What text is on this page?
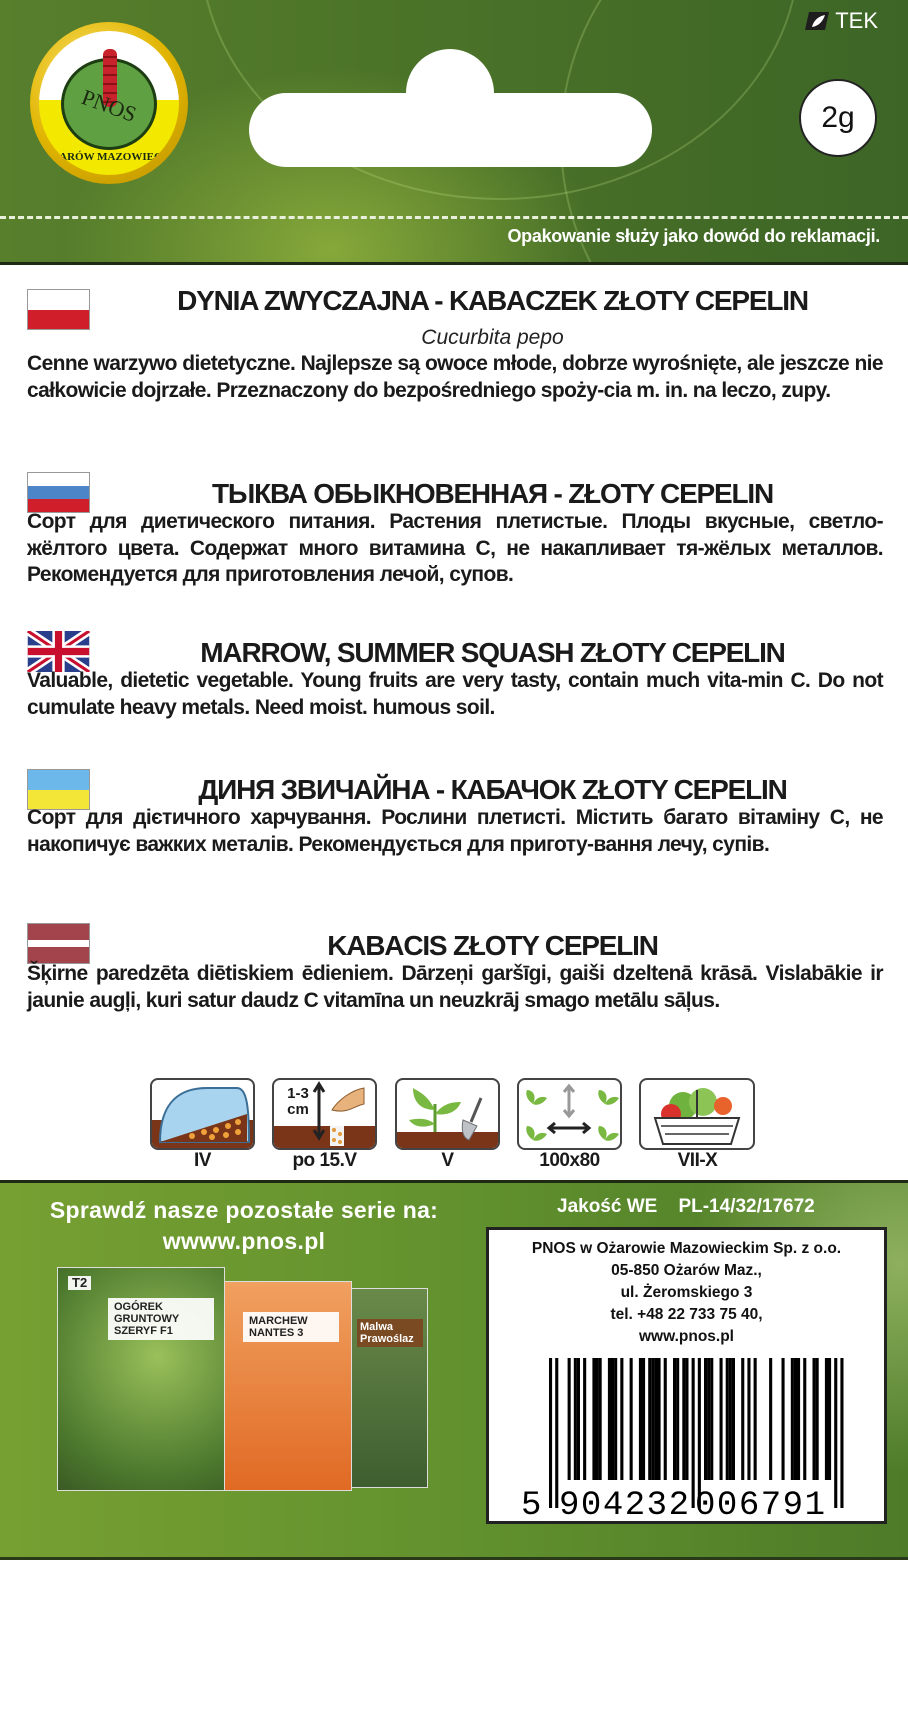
PNOS
OŻARÓW MAZOWIECKI
TEK
2g
Opakowanie służy jako dowód do reklamacji.
DYNIA ZWYCZAJNA - KABACZEK ZŁOTY CEPELIN
Cucurbita pepo
Cenne warzywo dietetyczne. Najlepsze są owoce młode, dobrze wyrośnięte, ale jeszcze nie całkowicie dojrzałe. Przeznaczony do bezpośredniego spoży-cia m. in. na leczo, zupy.
ТЫКВА ОБЫКНОВЕННАЯ - ZŁOTY CEPELIN
Сорт для диетического питания. Растения плетистые. Плоды вкусные, светло-жёлтого цвета. Содержат много витамина С, не накапливает тя-жёлых металлов. Рекомендуется для приготовления лечой, супов.
MARROW, SUMMER SQUASH ZŁOTY CEPELIN
Valuable, dietetic vegetable. Young fruits are very tasty, contain much vita-min C. Do not cumulate heavy metals. Need moist. humous soil.
ДИНЯ ЗВИЧАЙНА - КАБАЧОК ZŁOTY CEPELIN
Сорт для дієтичного харчування. Рослини плетисті. Містить багато вітаміну С, не накопичує важких металів. Рекомендується для приготу-вання лечу, супів.
KABACIS ZŁOTY CEPELIN
Šķirne paredzēta diētiskiem ēdieniem. Dārzeņi garšīgi, gaiši dzeltenā krāsā. Vislabākie ir jaunie augļi, kuri satur daudz C vitamīna un neuzkrāj smago metālu sāļus.
1-3 cm
IV	po 15.V	V	100x80	VII-X
Sprawdź nasze pozostałe serie na:
wwww.pnos.pl
Malwa Prawoślaz
MARCHEW NANTES 3
T2
OGÓREK GRUNTOWY SZERYF F1
Jakość WE PL-14/32/17672
PNOS w Ożarowie Mazowieckim Sp. z o.o.
05-850 Ożarów Maz.,
ul. Żeromskiego 3
tel. +48 22 733 75 40,
www.pnos.pl
5 904232 006791
